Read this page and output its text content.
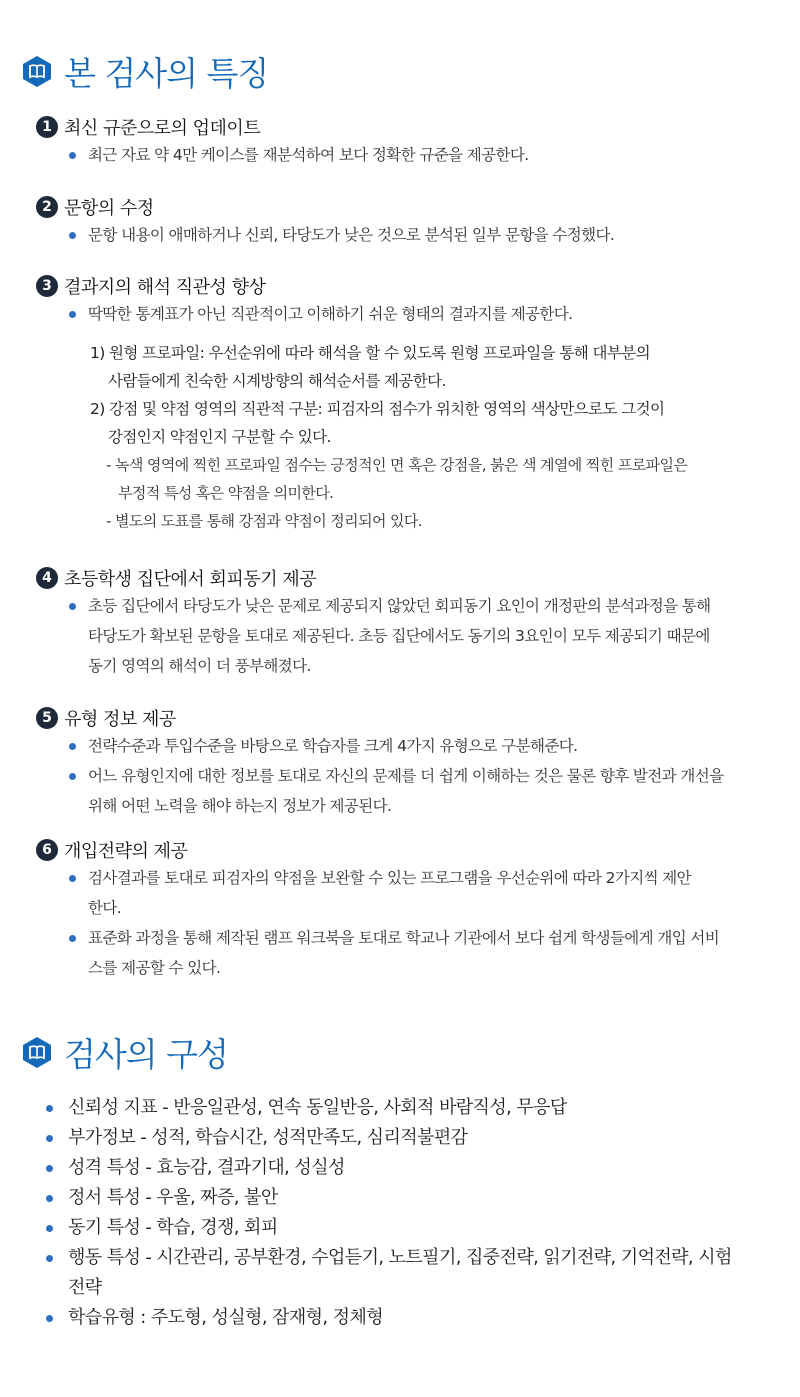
본 검사의 특징
1 최신 규준으로의 업데이트
최근 자료 약 4만 케이스를 재분석하여 보다 정확한 규준을 제공한다.
2 문항의 수정
문항 내용이 애매하거나 신뢰, 타당도가 낮은 것으로 분석된 일부 문항을 수정했다.
3 결과지의 해석 직관성 향상
딱딱한 통계표가 아닌 직관적이고 이해하기 쉬운 형태의 결과지를 제공한다.
1) 원형 프로파일: 우선순위에 따라 해석을 할 수 있도록 원형 프로파일을 통해 대부분의
사람들에게 친숙한 시계방향의 해석순서를 제공한다.
2) 강점 및 약점 영역의 직관적 구분: 피검자의 점수가 위치한 영역의 색상만으로도 그것이
강점인지 약점인지 구분할 수 있다.
- 녹색 영역에 찍힌 프로파일 점수는 긍정적인 면 혹은 강점을, 붉은 색 계열에 찍힌 프로파일은
부정적 특성 혹은 약점을 의미한다.
- 별도의 도표를 통해 강점과 약점이 정리되어 있다.
4 초등학생 집단에서 회피동기 제공
초등 집단에서 타당도가 낮은 문제로 제공되지 않았던 회피동기 요인이 개정판의 분석과정을 통해
타당도가 확보된 문항을 토대로 제공된다. 초등 집단에서도 동기의 3요인이 모두 제공되기 때문에
동기 영역의 해석이 더 풍부해졌다.
5 유형 정보 제공
전략수준과 투입수준을 바탕으로 학습자를 크게 4가지 유형으로 구분해준다.
어느 유형인지에 대한 정보를 토대로 자신의 문제를 더 쉽게 이해하는 것은 물론 향후 발전과 개선을
위해 어떤 노력을 해야 하는지 정보가 제공된다.
6 개입전략의 제공
검사결과를 토대로 피검자의 약점을 보완할 수 있는 프로그램을 우선순위에 따라 2가지씩 제안
한다.
표준화 과정을 통해 제작된 램프 워크북을 토대로 학교나 기관에서 보다 쉽게 학생들에게 개입 서비
스를 제공할 수 있다.
검사의 구성
신뢰성 지표 - 반응일관성, 연속 동일반응, 사회적 바람직성, 무응답
부가정보 - 성적, 학습시간, 성적만족도, 심리적불편감
성격 특성 - 효능감, 결과기대, 성실성
정서 특성 - 우울, 짜증, 불안
동기 특성 - 학습, 경쟁, 회피
행동 특성 - 시간관리, 공부환경, 수업듣기, 노트필기, 집중전략, 읽기전략, 기억전략, 시험
전략
학습유형 : 주도형, 성실형, 잠재형, 정체형
